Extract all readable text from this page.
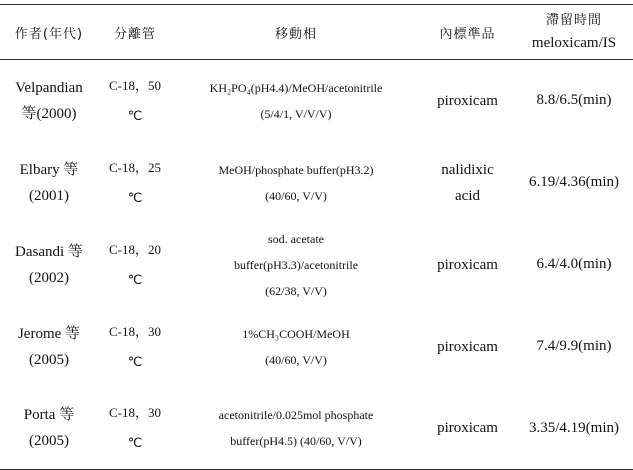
作者(年代)	分離管	移動相	內標準品	滯留時間
meloxicam/IS

Velpandian
等(2000)	C-18，50
℃	KH₂PO₄(pH4.4)/MeOH/acetonitrile
(5/4/1, V/V/V)	piroxicam	8.8/6.5(min)

Elbary 等
(2001)	C-18，25
℃	MeOH/phosphate buffer(pH3.2)
(40/60, V/V)	nalidixic
acid	6.19/4.36(min)

Dasandi 等
(2002)	C-18，20
℃	sod. acetate
buffer(pH3.3)/acetonitrile
(62/38, V/V)	piroxicam	6.4/4.0(min)

Jerome 等
(2005)	C-18，30
℃	1%CH₃COOH/MeOH
(40/60, V/V)	piroxicam	7.4/9.9(min)

Porta 等
(2005)	C-18，30
℃	acetonitrile/0.025mol phosphate
buffer(pH4.5) (40/60, V/V)	piroxicam	3.35/4.19(min)
